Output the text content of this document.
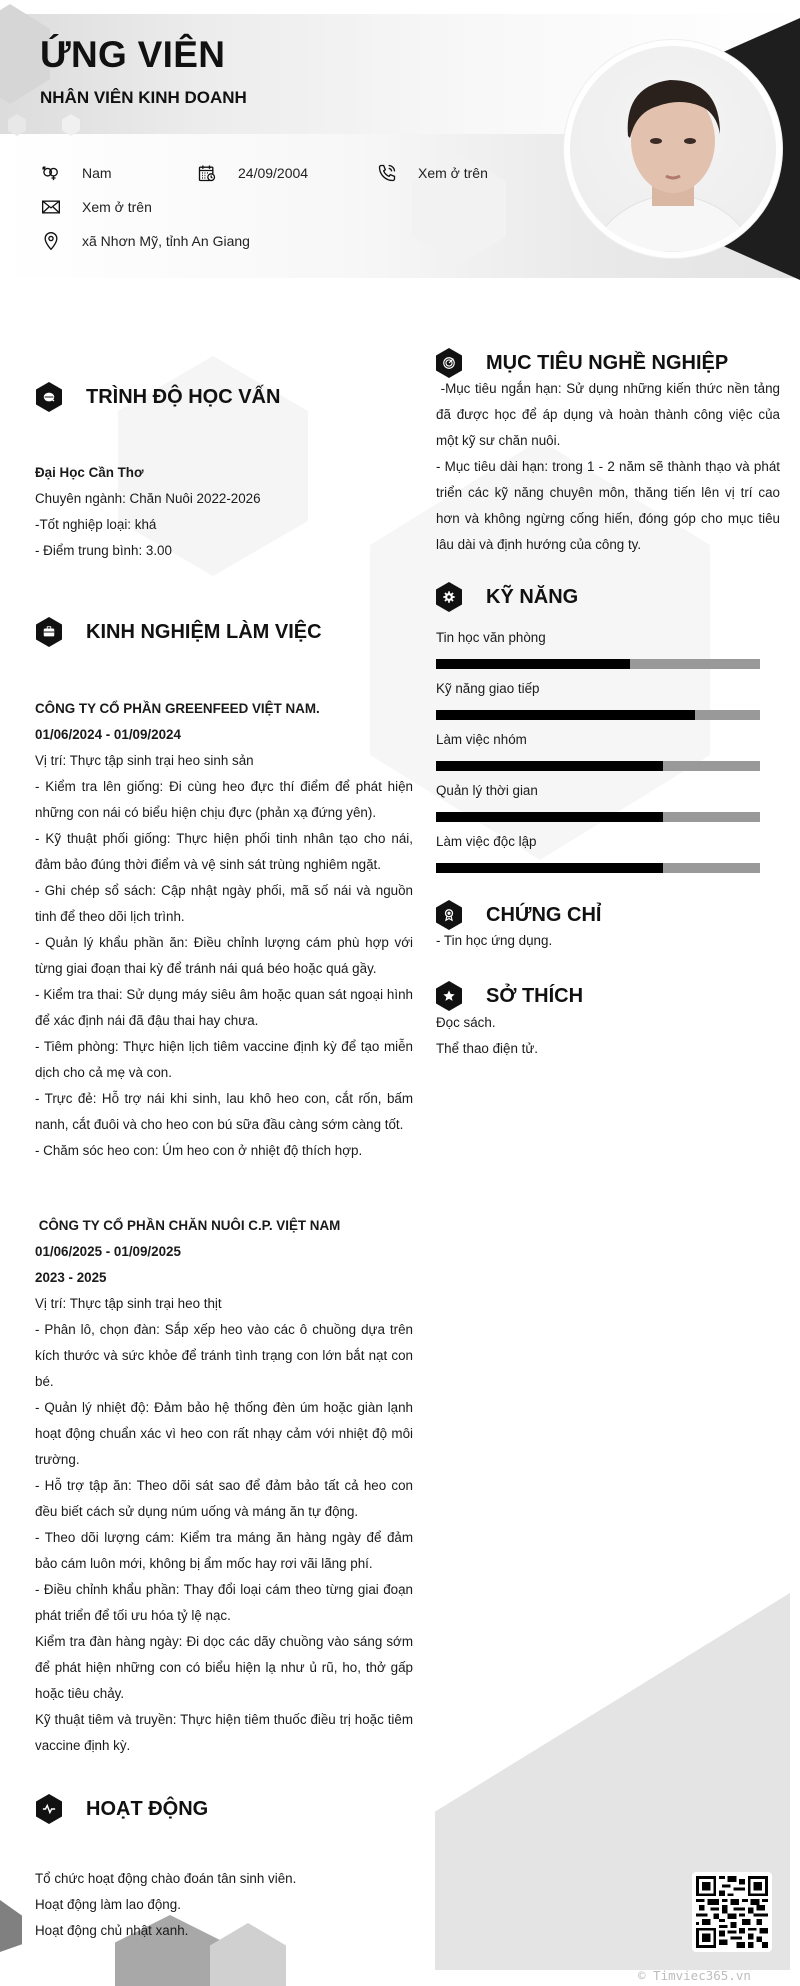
ỨNG VIÊN
NHÂN VIÊN KINH DOANH
Nam	24/09/2004	Xem ở trên
Xem ở trên
xã Nhơn Mỹ, tỉnh An Giang
TRÌNH ĐỘ HỌC VẤN

Đại Học Cần Thơ

Chuyên ngành: Chăn Nuôi 2022-2026

-Tốt nghiệp loại: khá

- Điểm trung bình: 3.00

KINH NGHIỆM LÀM VIỆC

CÔNG TY CỔ PHẦN GREENFEED VIỆT NAM.

01/06/2024 - 01/09/2024

Vị trí: Thực tập sinh trại heo sinh sản

- Kiểm tra lên giống: Đi cùng heo đực thí điểm để phát hiện những con nái có biểu hiện chịu đực (phản xạ đứng yên).

- Kỹ thuật phối giống: Thực hiện phối tinh nhân tạo cho nái, đảm bảo đúng thời điểm và vệ sinh sát trùng nghiêm ngặt.

- Ghi chép sổ sách: Cập nhật ngày phối, mã số nái và nguồn tinh để theo dõi lịch trình.

- Quản lý khẩu phần ăn: Điều chỉnh lượng cám phù hợp với từng giai đoạn thai kỳ để tránh nái quá béo hoặc quá gầy.

- Kiểm tra thai: Sử dụng máy siêu âm hoặc quan sát ngoại hình để xác định nái đã đậu thai hay chưa.

- Tiêm phòng: Thực hiện lịch tiêm vaccine định kỳ để tạo miễn dịch cho cả mẹ và con.

- Trực đẻ: Hỗ trợ nái khi sinh, lau khô heo con, cắt rốn, bấm nanh, cắt đuôi và cho heo con bú sữa đầu càng sớm càng tốt.

- Chăm sóc heo con: Úm heo con ở nhiệt độ thích hợp.

CÔNG TY CỔ PHẦN CHĂN NUÔI C.P. VIỆT NAM

01/06/2025 - 01/09/2025

2023 - 2025

Vị trí: Thực tập sinh trại heo thịt

- Phân lô, chọn đàn: Sắp xếp heo vào các ô chuồng dựa trên kích thước và sức khỏe để tránh tình trạng con lớn bắt nạt con bé.

- Quản lý nhiệt độ: Đảm bảo hệ thống đèn úm hoặc giàn lạnh hoạt động chuẩn xác vì heo con rất nhạy cảm với nhiệt độ môi trường.

- Hỗ trợ tập ăn: Theo dõi sát sao để đảm bảo tất cả heo con đều biết cách sử dụng núm uống và máng ăn tự động.

- Theo dõi lượng cám: Kiểm tra máng ăn hàng ngày để đảm bảo cám luôn mới, không bị ẩm mốc hay rơi vãi lãng phí.

- Điều chỉnh khẩu phần: Thay đổi loại cám theo từng giai đoạn phát triển để tối ưu hóa tỷ lệ nạc.

Kiểm tra đàn hàng ngày: Đi dọc các dãy chuồng vào sáng sớm để phát hiện những con có biểu hiện lạ như ủ rũ, ho, thở gấp hoặc tiêu chảy.

Kỹ thuật tiêm và truyền: Thực hiện tiêm thuốc điều trị hoặc tiêm vaccine định kỳ.

HOẠT ĐỘNG

Tổ chức hoạt động chào đoán tân sinh viên.

Hoạt động làm lao động.

Hoạt động chủ nhật xanh.

MỤC TIÊU NGHỀ NGHIỆP

-Mục tiêu ngắn hạn: Sử dụng những kiến thức nền tảng đã được học để áp dụng và hoàn thành công việc của một kỹ sư chăn nuôi.

- Mục tiêu dài hạn: trong 1 - 2 năm sẽ thành thạo và phát triển các kỹ năng chuyên môn, thăng tiến lên vị trí cao hơn và không ngừng cống hiến, đóng góp cho mục tiêu lâu dài và định hướng của công ty.

KỸ NĂNG
Tin học văn phòng
Kỹ năng giao tiếp
Làm việc nhóm
Quản lý thời gian
Làm việc độc lập
CHỨNG CHỈ

- Tin học ứng dụng.

SỞ THÍCH

Đọc sách.

Thể thao điện tử.

© Timviec365.vn
